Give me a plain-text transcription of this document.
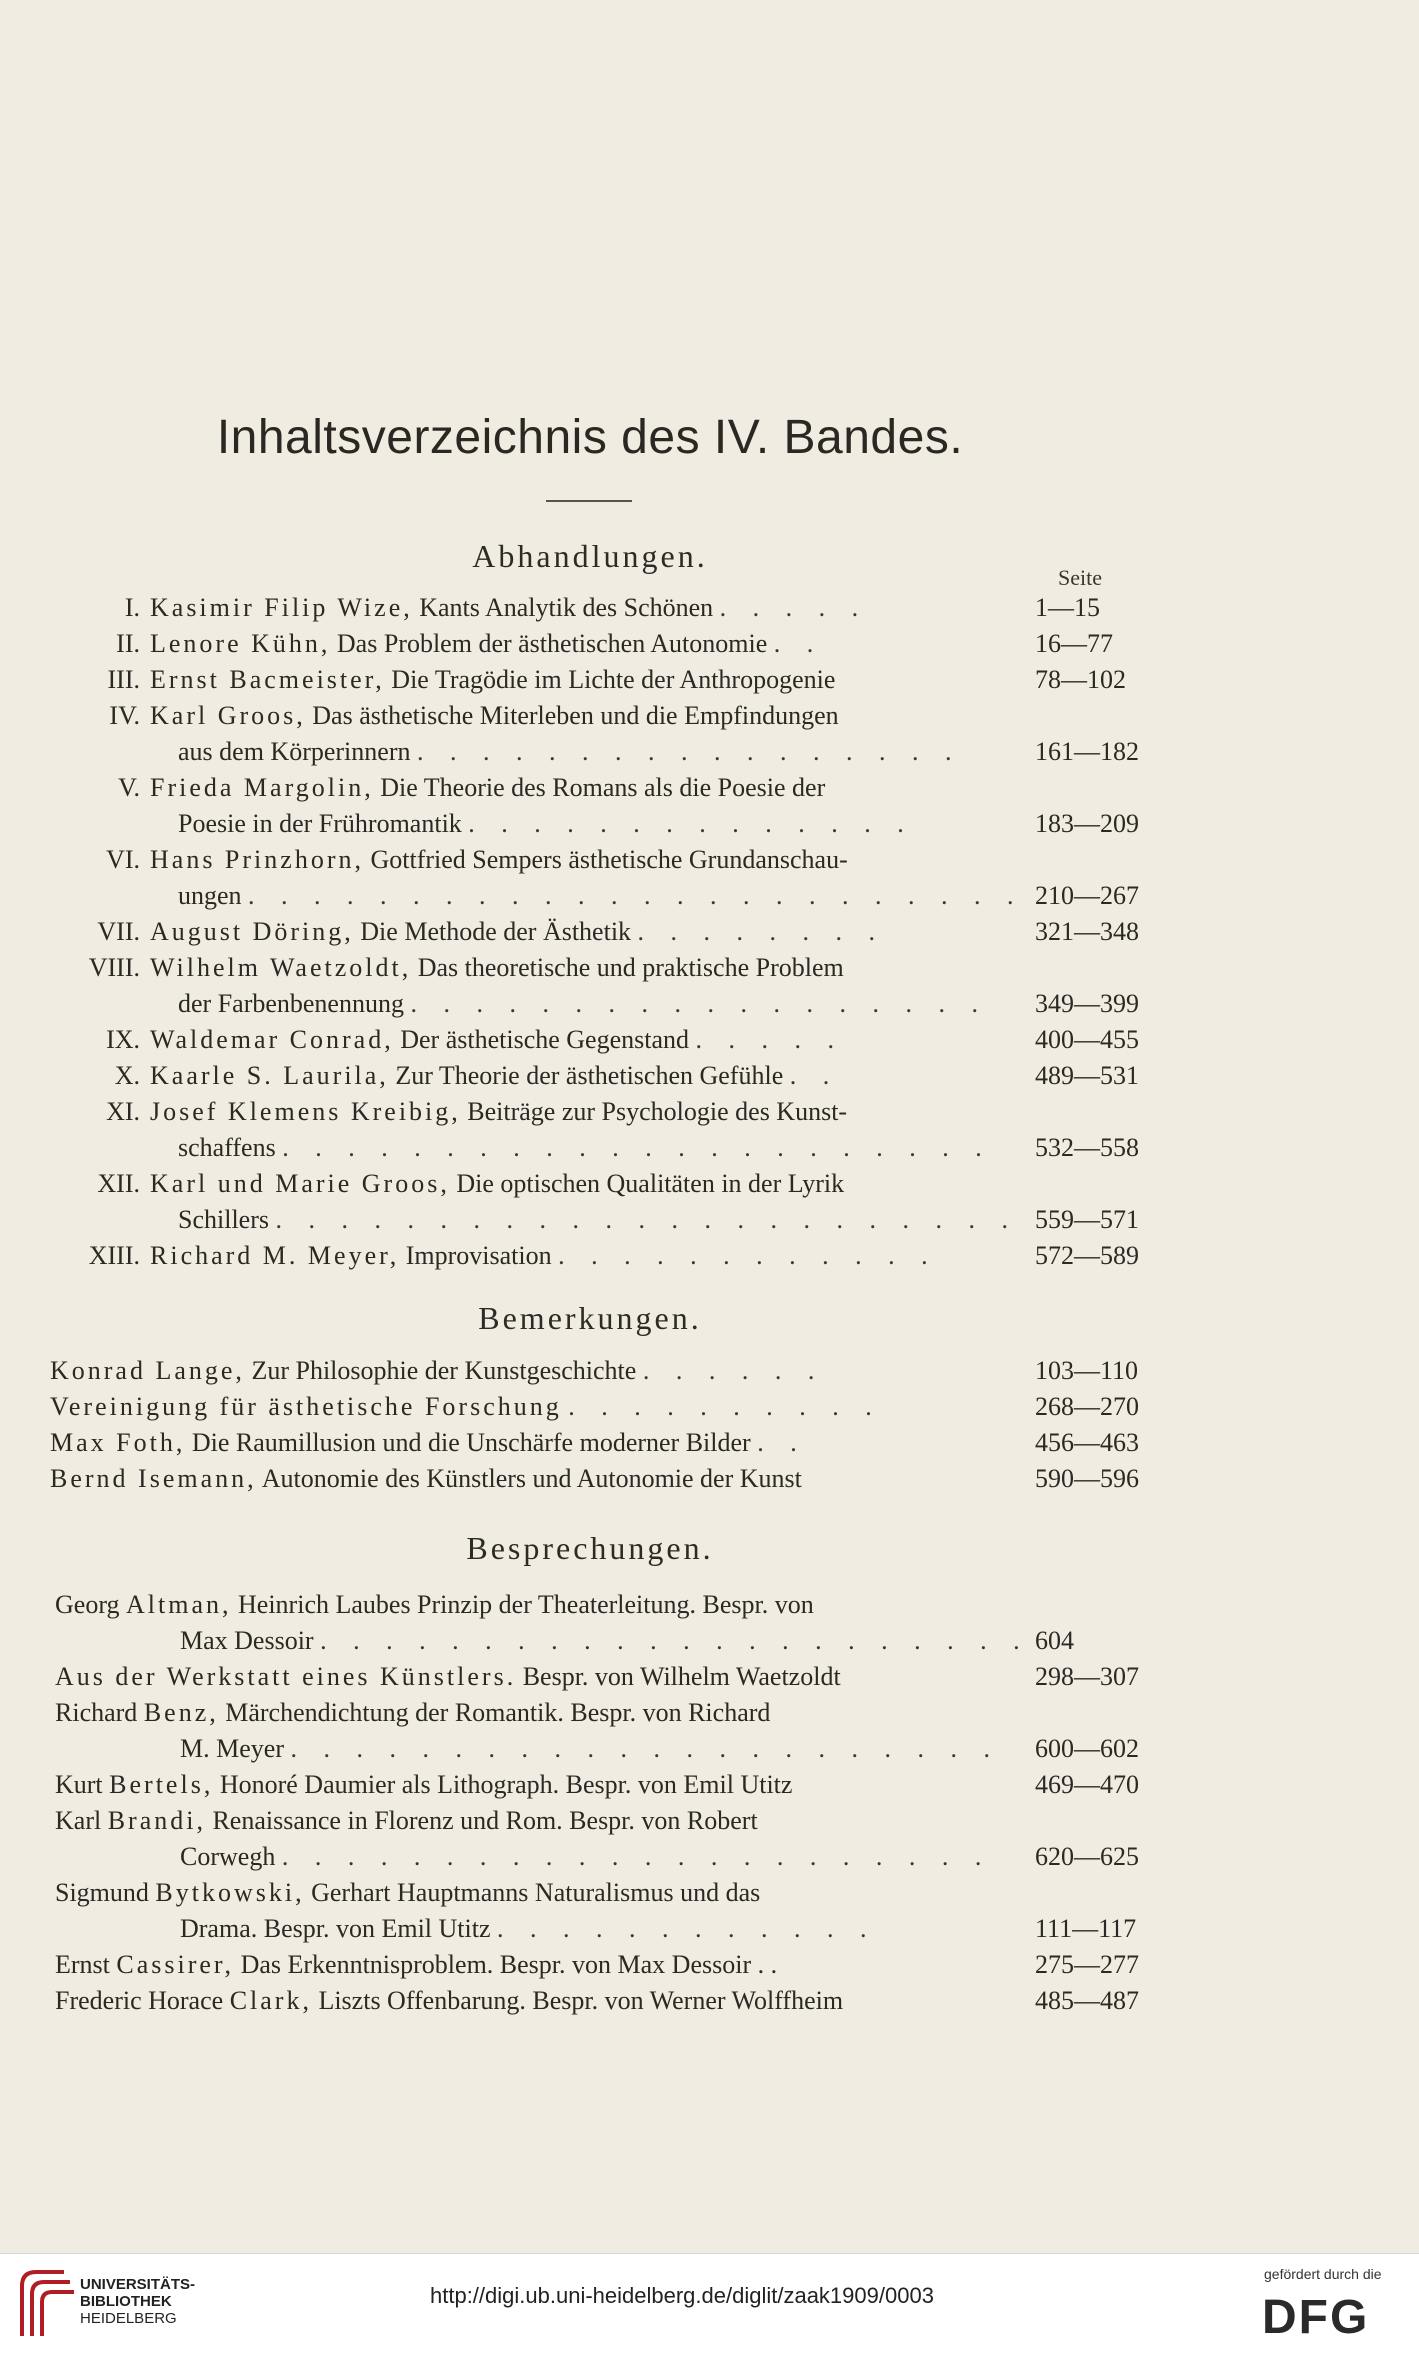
Inhaltsverzeichnis des IV. Bandes.
Abhandlungen.
Seite
I. Kasimir Filip Wize, Kants Analytik des Schönen . . . . .	1—15
II. Lenore Kühn, Das Problem der ästhetischen Autonomie . .	16—77
III. Ernst Bacmeister, Die Tragödie im Lichte der Anthropogenie	78—102
IV. Karl Groos, Das ästhetische Miterleben und die Empfindungen
aus dem Körperinnern . . . . . . . . . . . . . . . . .	161—182
V. Frieda Margolin, Die Theorie des Romans als die Poesie der
Poesie in der Frühromantik . . . . . . . . . . . . . .	183—209
VI. Hans Prinzhorn, Gottfried Sempers ästhetische Grundanschau-
ungen . . . . . . . . . . . . . . . . . . . . . . . . 210—267
VII. August Döring, Die Methode der Ästhetik . . . . . . . .	321—348
VIII. Wilhelm Waetzoldt, Das theoretische und praktische Problem
der Farbenbenennung . . . . . . . . . . . . . . . . . . 349—399
IX. Waldemar Conrad, Der ästhetische Gegenstand . . . . .	400—455
X. Kaarle S. Laurila, Zur Theorie der ästhetischen Gefühle . .	489—531
XI. Josef Klemens Kreibig, Beiträge zur Psychologie des Kunst-
schaffens . . . . . . . . . . . . . . . . . . . . . . 532—558
XII. Karl und Marie Groos, Die optischen Qualitäten in der Lyrik
Schillers . . . . . . . . . . . . . . . . . . . . . . . 559—571
XIII. Richard M. Meyer, Improvisation . . . . . . . . . . . .	572—589
Bemerkungen.
Konrad Lange, Zur Philosophie der Kunstgeschichte . . . . . .	103—110
Vereinigung für ästhetische Forschung . . . . . . . . . .	268—270
Max Foth, Die Raumillusion und die Unschärfe moderner Bilder . .	456—463
Bernd Isemann, Autonomie des Künstlers und Autonomie der Kunst	590—596
Besprechungen.
Georg Altman, Heinrich Laubes Prinzip der Theaterleitung. Bespr. von
Max Dessoir . . . . . . . . . . . . . . . . . . . . . . 604
Aus der Werkstatt eines Künstlers. Bespr. von Wilhelm Waetzoldt	298—307
Richard Benz, Märchendichtung der Romantik. Bespr. von Richard
M. Meyer . . . . . . . . . . . . . . . . . . . . . . 600—602
Kurt Bertels, Honoré Daumier als Lithograph. Bespr. von Emil Utitz	469—470
Karl Brandi, Renaissance in Florenz und Rom. Bespr. von Robert
Corwegh . . . . . . . . . . . . . . . . . . . . . . 620—625
Sigmund Bytkowski, Gerhart Hauptmanns Naturalismus und das
Drama. Bespr. von Emil Utitz . . . . . . . . . . . .	111—117
Ernst Cassirer, Das Erkenntnisproblem. Bespr. von Max Dessoir . .	275—277
Frederic Horace Clark, Liszts Offenbarung. Bespr. von Werner Wolffheim	485—487
UNIVERSITÄTS-
BIBLIOTHEK
HEIDELBERG
http://digi.ub.uni-heidelberg.de/diglit/zaak1909/0003
gefördert durch die
DFG
